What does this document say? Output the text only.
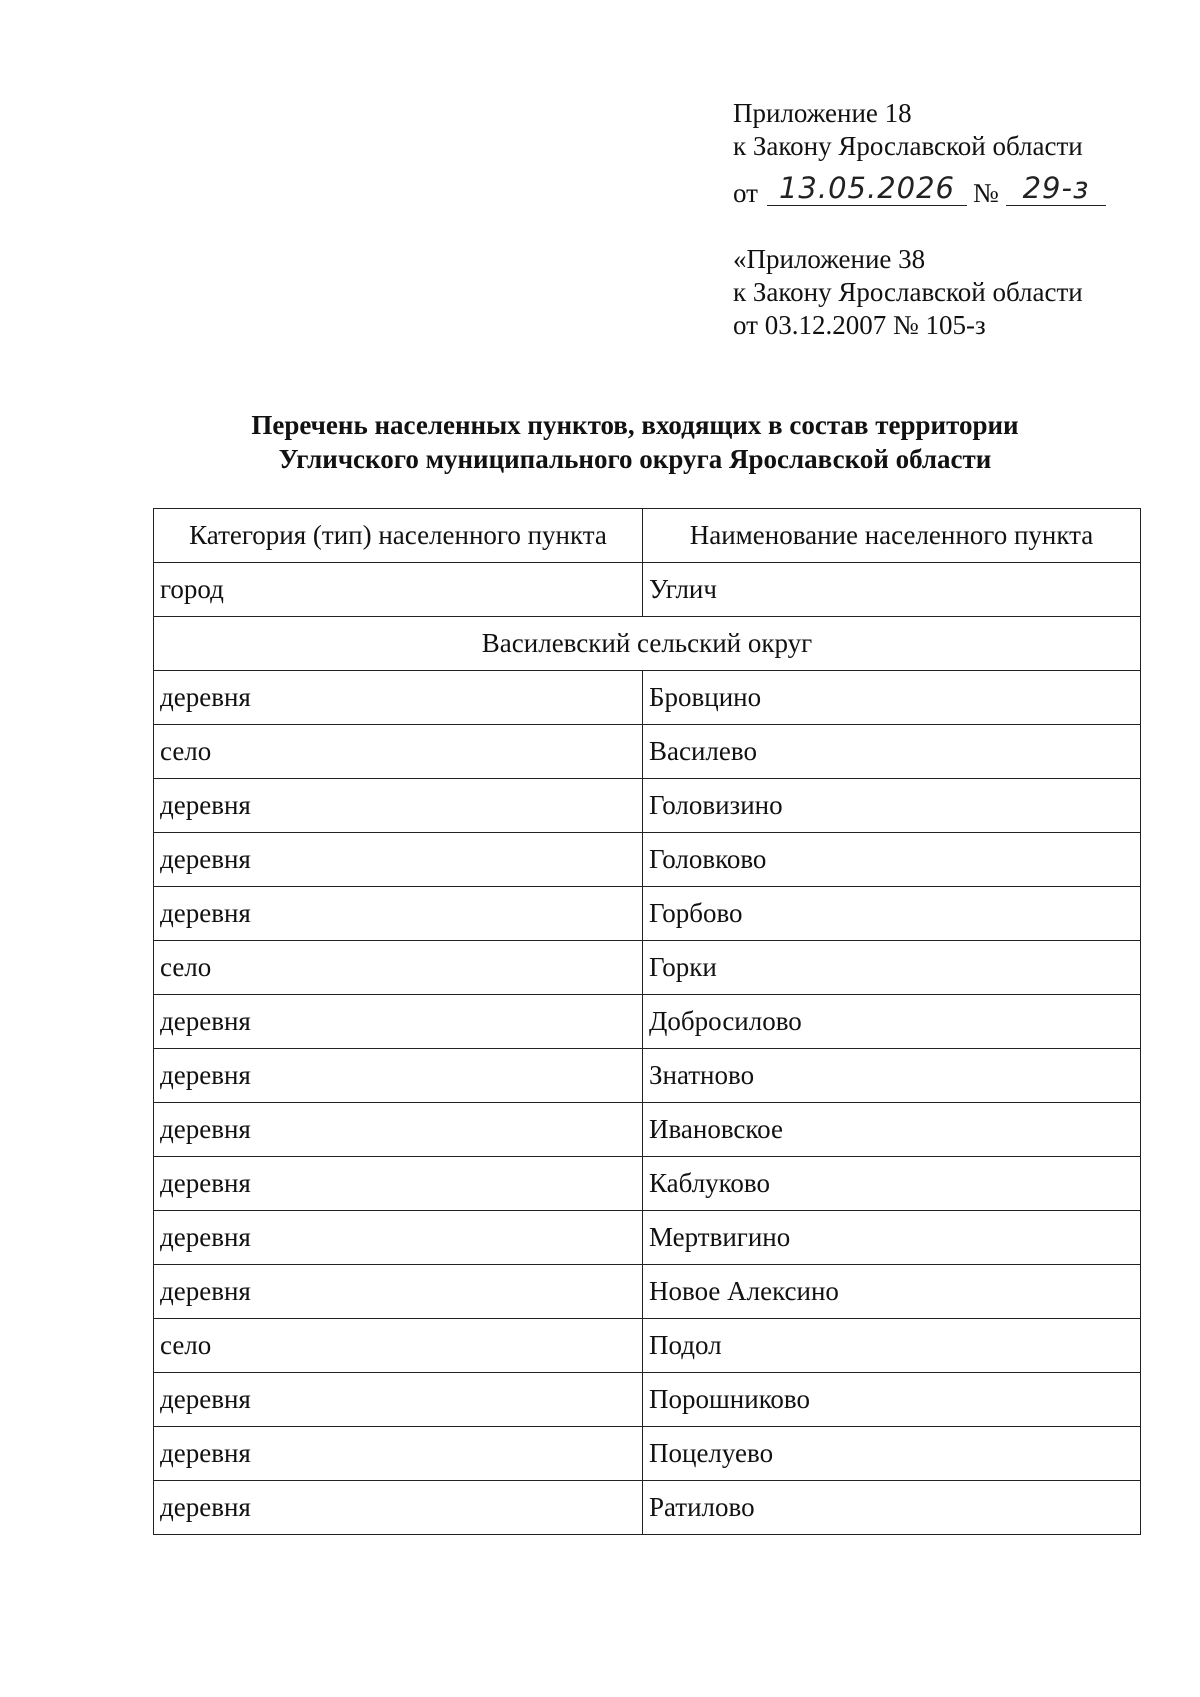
Приложение 18
к Закону Ярославской области
от 13.05.2026 № 29-з
«Приложение 38
к Закону Ярославской области
от 03.12.2007 № 105-з
Перечень населенных пунктов, входящих в состав территории
Угличского муниципального округа Ярославской области
Категория (тип) населенного пункта	Наименование населенного пункта
город	Углич
Василевский сельский округ	
деревня	Бровцино
село	Василево
деревня	Головизино
деревня	Головково
деревня	Горбово
село	Горки
деревня	Добросилово
деревня	Знатново
деревня	Ивановское
деревня	Каблуково
деревня	Мертвигино
деревня	Новое Алексино
село	Подол
деревня	Порошниково
деревня	Поцелуево
деревня	Ратилово
